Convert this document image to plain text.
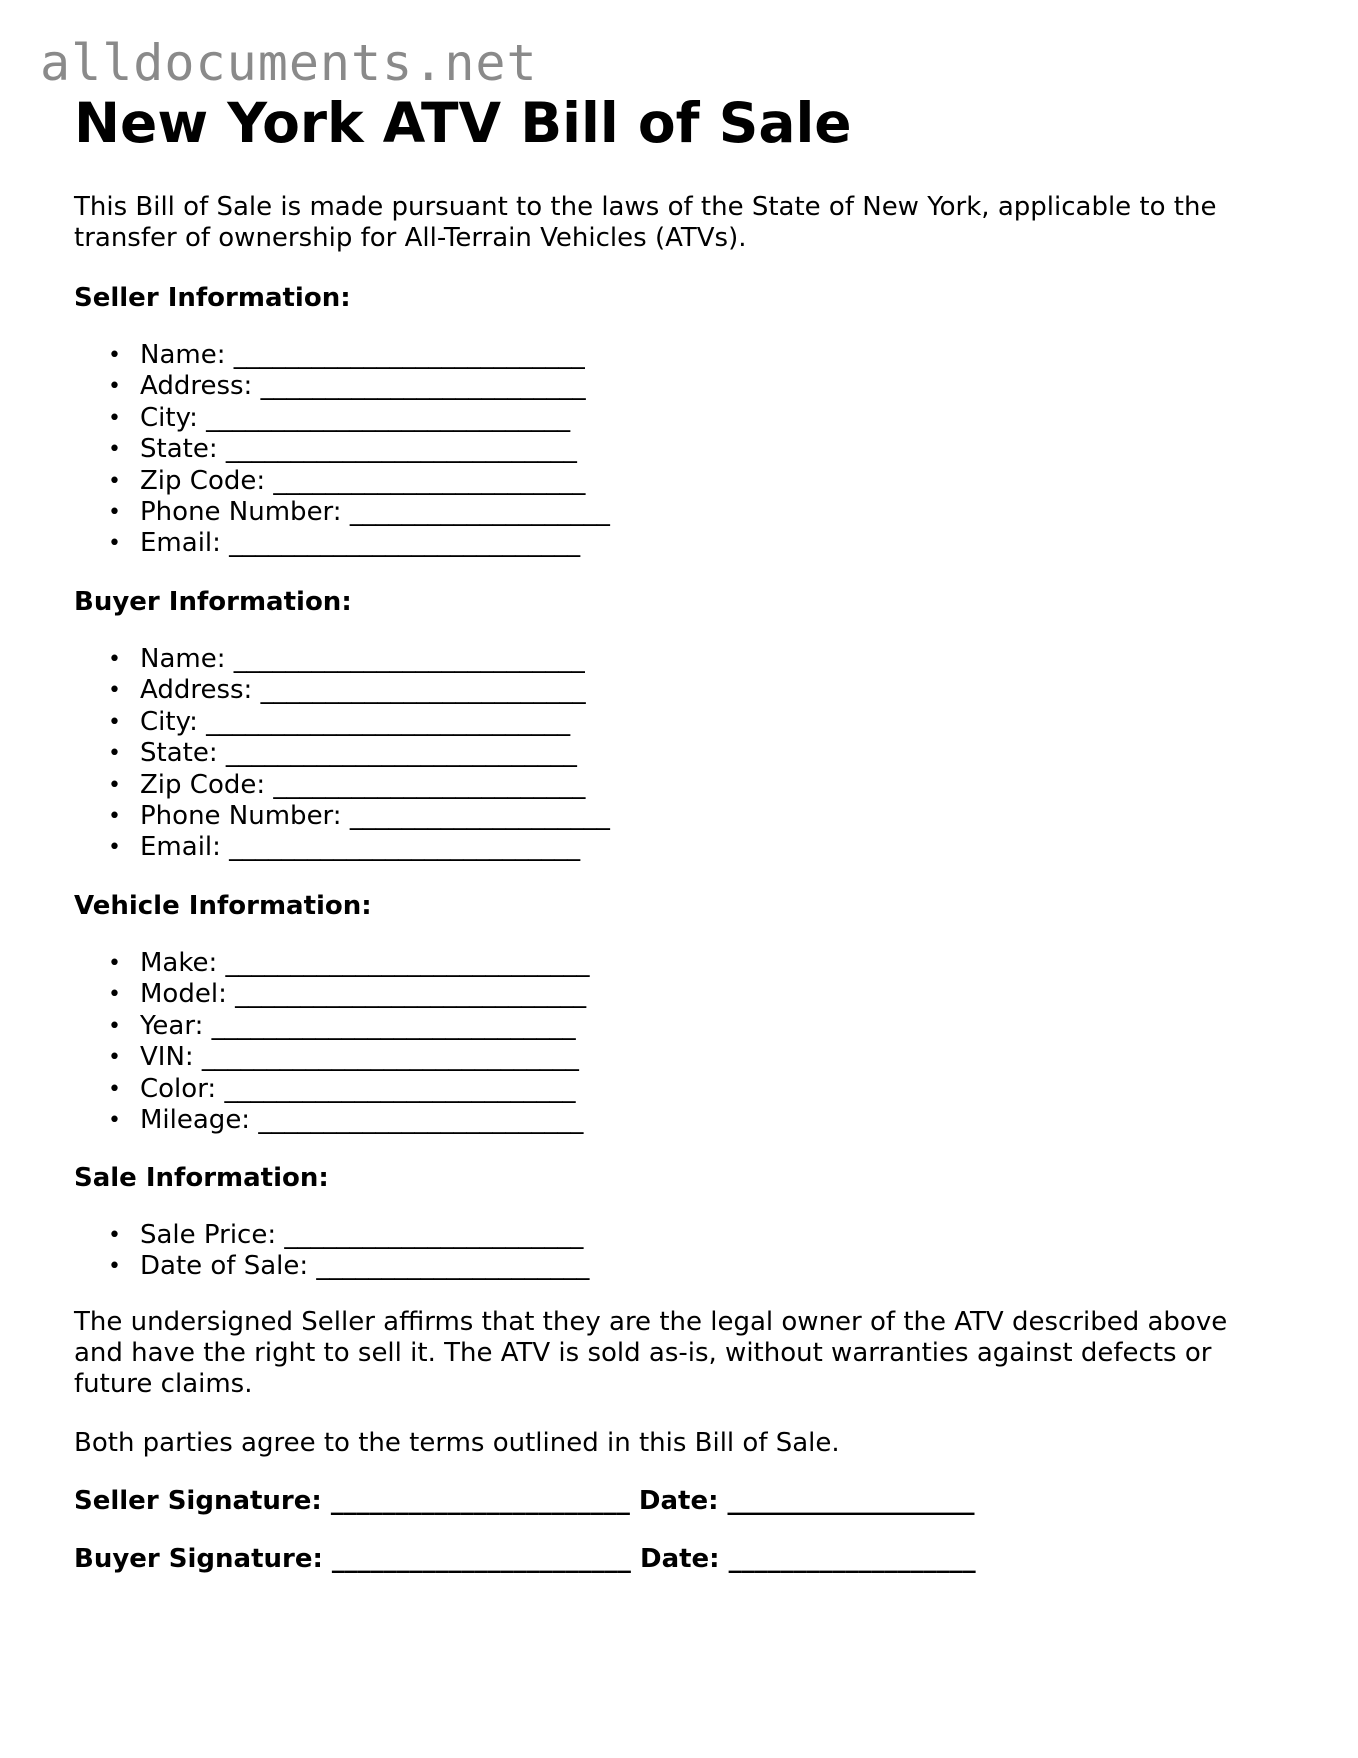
alldocuments.net
New York ATV Bill of Sale

This Bill of Sale is made pursuant to the laws of the State of New York, applicable to the transfer of ownership for All-Terrain Vehicles (ATVs).

Seller Information:
• Name: ___________________________
• Address: _________________________
• City: ____________________________
• State: ___________________________
• Zip Code: ________________________
• Phone Number: ____________________
• Email: ___________________________
Buyer Information:
• Name: ___________________________
• Address: _________________________
• City: ____________________________
• State: ___________________________
• Zip Code: ________________________
• Phone Number: ____________________
• Email: ___________________________
Vehicle Information:
• Make: ____________________________
• Model: ___________________________
• Year: ____________________________
• VIN: _____________________________
• Color: ___________________________
• Mileage: _________________________
Sale Information:
• Sale Price: _______________________
• Date of Sale: _____________________

The undersigned Seller affirms that they are the legal owner of the ATV described above and have the right to sell it. The ATV is sold as-is, without warranties against defects or future claims.

Both parties agree to the terms outlined in this Bill of Sale.

Seller Signature: _______________________ Date: ___________________
Buyer Signature: _______________________ Date: ___________________
